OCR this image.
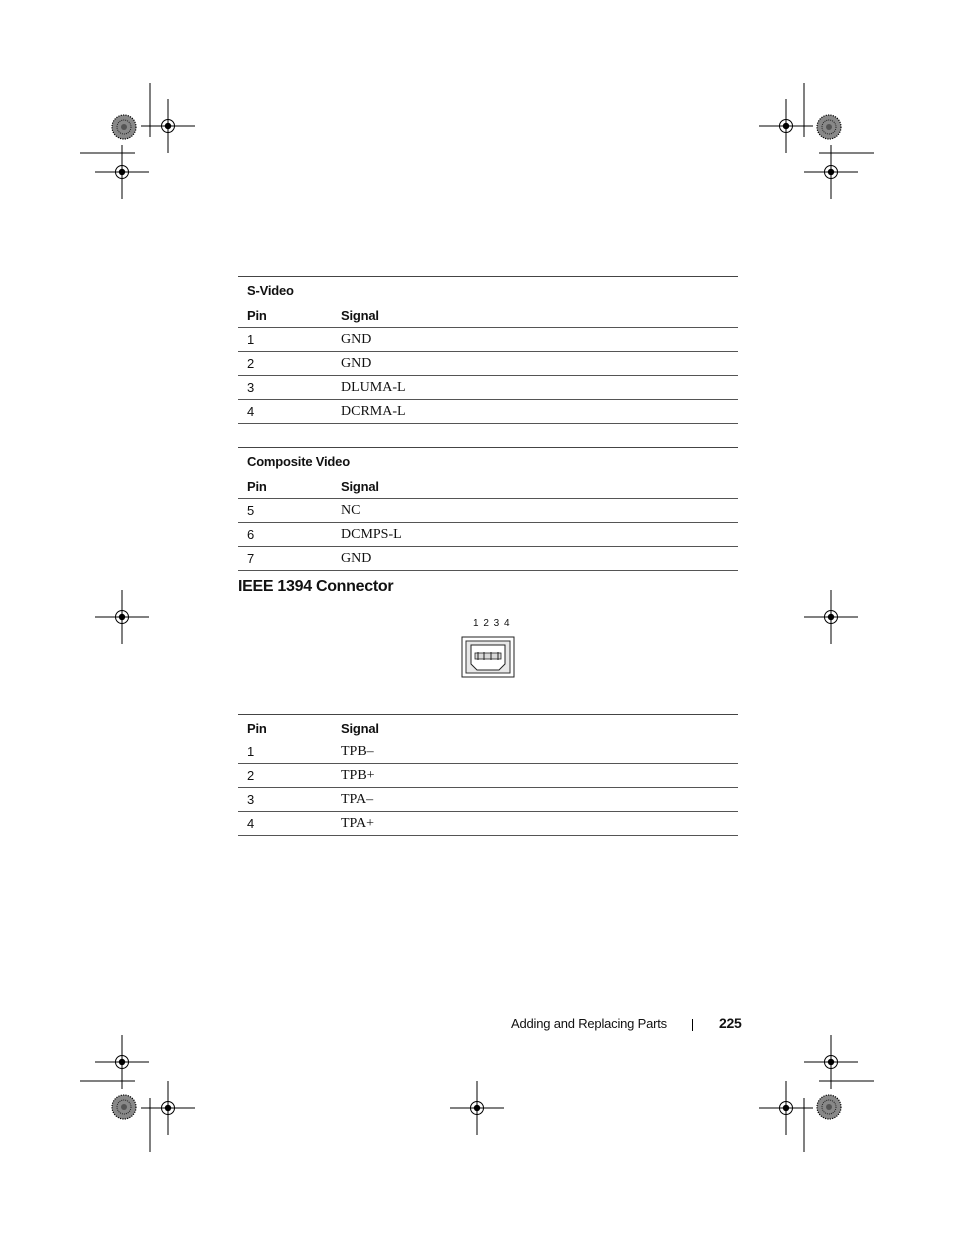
S-Video	
Pin	Signal
1	GND
2	GND
3	DLUMA-L
4	DCRMA-L
Composite Video	
Pin	Signal
5	NC
6	DCMPS-L
7	GND
IEEE 1394 Connector
1 2 3 4
Pin	Signal
1	TPB–
2	TPB+
3	TPA–
4	TPA+
Adding and Replacing Parts	225
